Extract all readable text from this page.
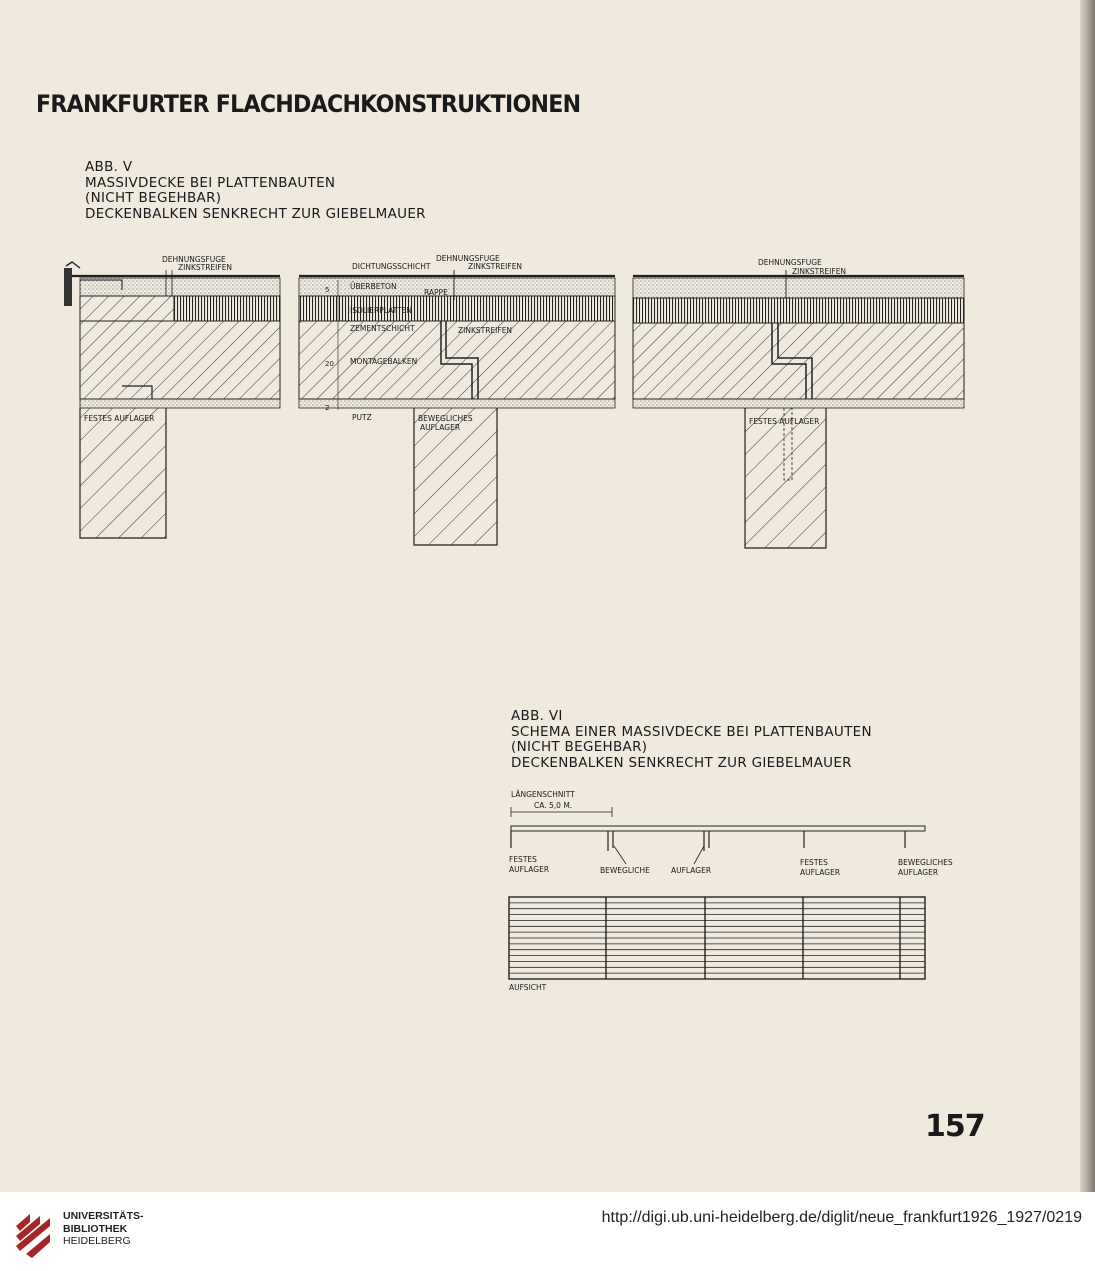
FRANKFURTER FLACHDACHKONSTRUKTIONEN
ABB. V
MASSIVDECKE BEI PLATTENBAUTEN
(NICHT BEGEHBAR)
DECKENBALKEN SENKRECHT ZUR GIEBELMAUER
ABB. VI
SCHEMA EINER MASSIVDECKE BEI PLATTENBAUTEN
(NICHT BEGEHBAR)
DECKENBALKEN SENKRECHT ZUR GIEBELMAUER
DEHNUNGSFUGE
ZINKSTREIFEN
FESTES AUFLAGER
DEHNUNGSFUGE
DICHTUNGSSCHICHT	ZINKSTREIFEN
ÜBERBETON
RAPPE
ISOLIERPLATTEN
ZEMENTSCHICHT	ZINKSTREIFEN
MONTAGEBALKEN
PUTZ	BEWEGLICHES
AUFLAGER
5
20
2
DEHNUNGSFUGE
ZINKSTREIFEN
FESTES AUFLAGER
LÄNGENSCHNITT
CA. 5,0 M.
FESTES
AUFLAGER	BEWEGLICHE	AUFLAGER
FESTES
AUFLAGER
BEWEGLICHES
AUFLAGER
AUFSICHT
157
UNIVERSITÄTS-
BIBLIOTHEK
HEIDELBERG
http://digi.ub.uni-heidelberg.de/diglit/neue_frankfurt1926_1927/0219
